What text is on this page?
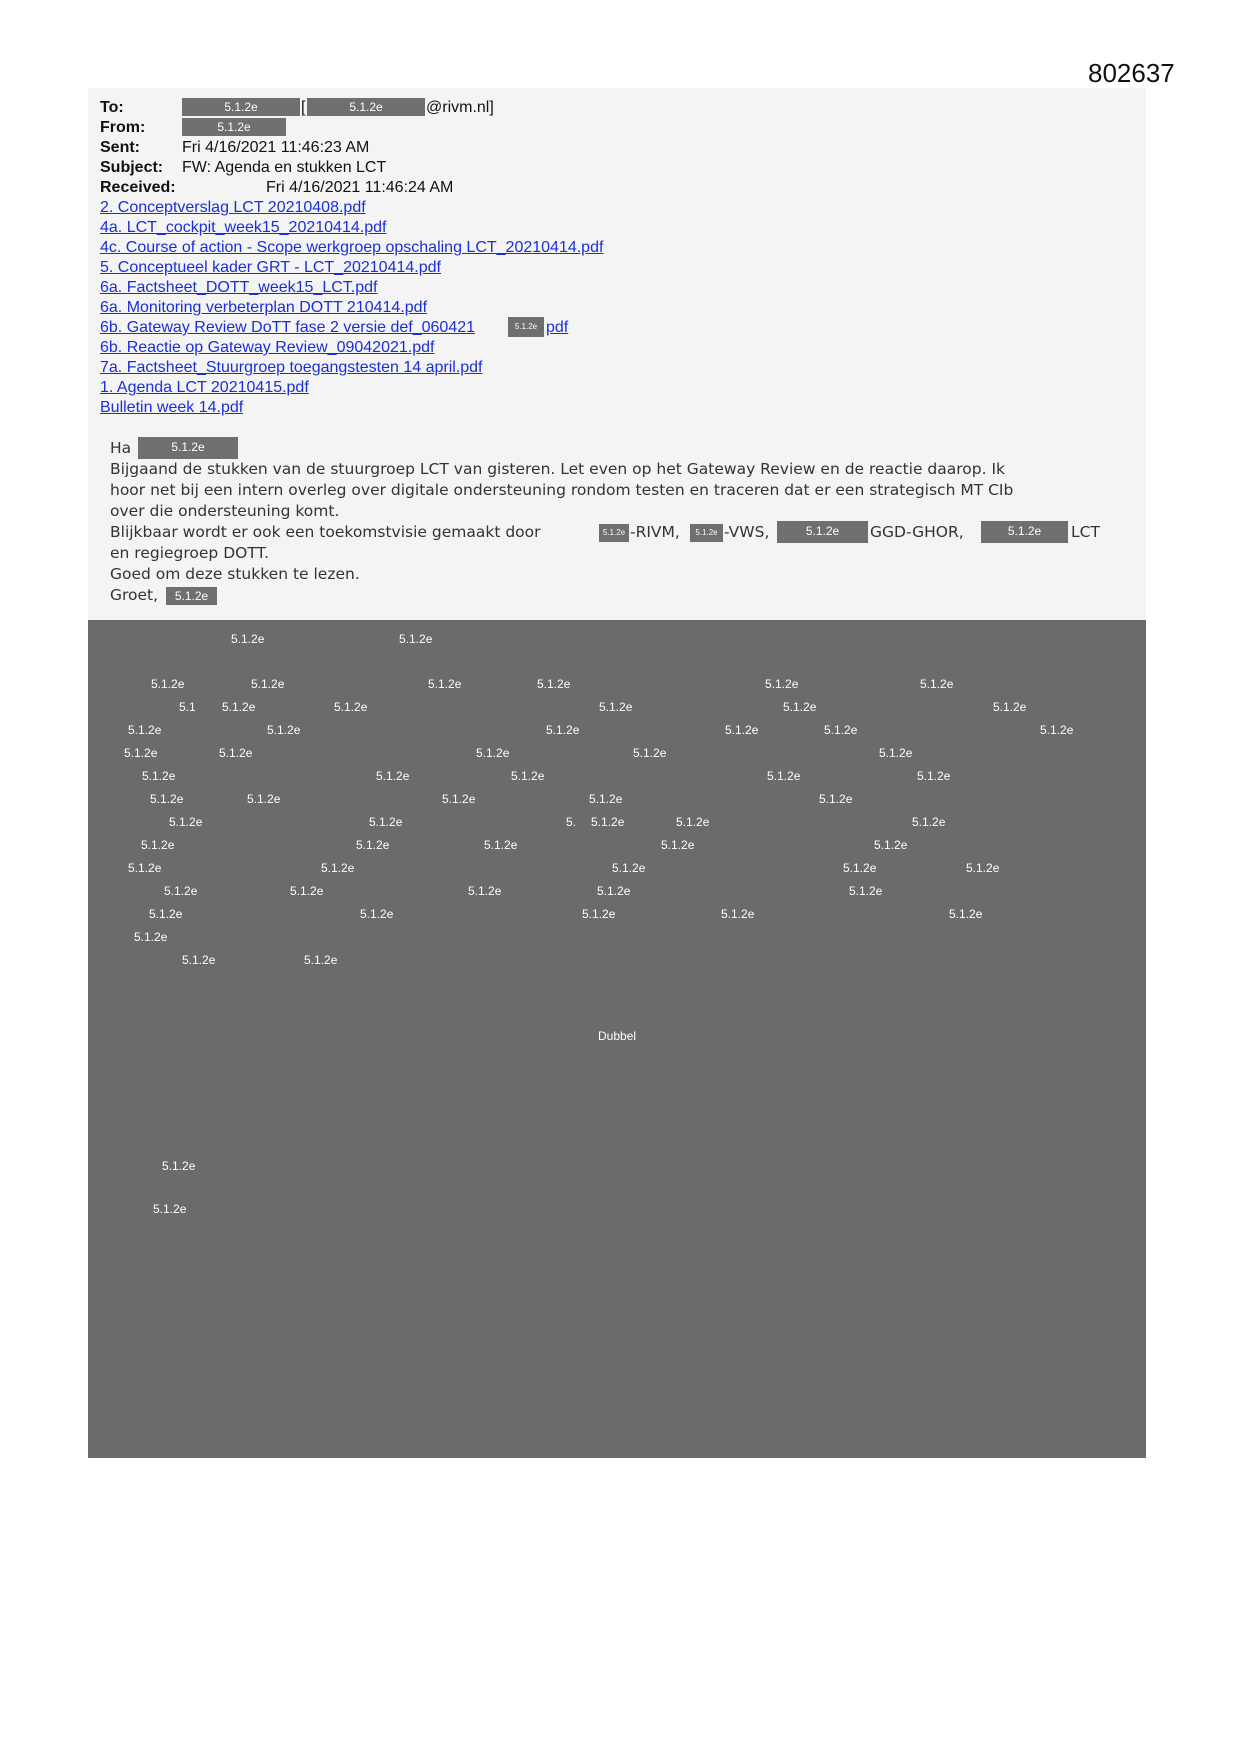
802637
To:	5.1.2e	[	5.1.2e	@rivm.nl]
From:	5.1.2e
Sent:	Fri 4/16/2021 11:46:23 AM
Subject: FW: Agenda en stukken LCT
Received:	Fri 4/16/2021 11:46:24 AM
2. Conceptverslag LCT 20210408.pdf
4a. LCT_cockpit_week15_20210414.pdf
4c. Course of action - Scope werkgroep opschaling LCT_20210414.pdf
5. Conceptueel kader GRT - LCT_20210414.pdf
6a. Factsheet_DOTT_week15_LCT.pdf
6a. Monitoring verbeterplan DOTT 210414.pdf
6b. Gateway Review DoTT fase 2 versie def_060421	5.1.2e pdf
6b. Reactie op Gateway Review_09042021.pdf
7a. Factsheet_Stuurgroep toegangstesten 14 april.pdf
1. Agenda LCT 20210415.pdf
Bulletin week 14.pdf
Ha	5.1.2e
Bijgaand de stukken van de stuurgroep LCT van gisteren. Let even op het Gateway Review en de reactie daarop. Ik
hoor net bij een intern overleg over digitale ondersteuning rondom testen en traceren dat er een strategisch MT CIb
over die ondersteuning komt.
Blijkbaar wordt er ook een toekomstvisie gemaakt door	5.1.2e -RIVM,	5.1.2e -VWS,	5.1.2e	GGD-GHOR,	5.1.2e	LCT
en regiegroep DOTT.
Goed om deze stukken te lezen.
Groet,	5.1.2e
5.1.2e	5.1.2e
5.1.2e	5.1.2e	5.1.2e	5.1.2e	5.1.2e	5.1.2e
5.1 5.1.2e	5.1.2e	5.1.2e	5.1.2e	5.1.2e
5.1.2e	5.1.2e	5.1.2e	5.1.2e	5.1.2e	5.1.2e
5.1.2e	5.1.2e	5.1.2e	5.1.2e	5.1.2e
5.1.2e	5.1.2e	5.1.2e	5.1.2e	5.1.2e
5.1.2e	5.1.2e	5.1.2e	5.1.2e	5.1.2e
5.1.2e	5.1.2e	5. 5.1.2e	5.1.2e	5.1.2e
5.1.2e	5.1.2e	5.1.2e	5.1.2e	5.1.2e
5.1.2e	5.1.2e	5.1.2e	5.1.2e	5.1.2e
5.1.2e	5.1.2e	5.1.2e	5.1.2e	5.1.2e
5.1.2e	5.1.2e	5.1.2e	5.1.2e	5.1.2e
5.1.2e
5.1.2e	5.1.2e
Dubbel
5.1.2e
5.1.2e
